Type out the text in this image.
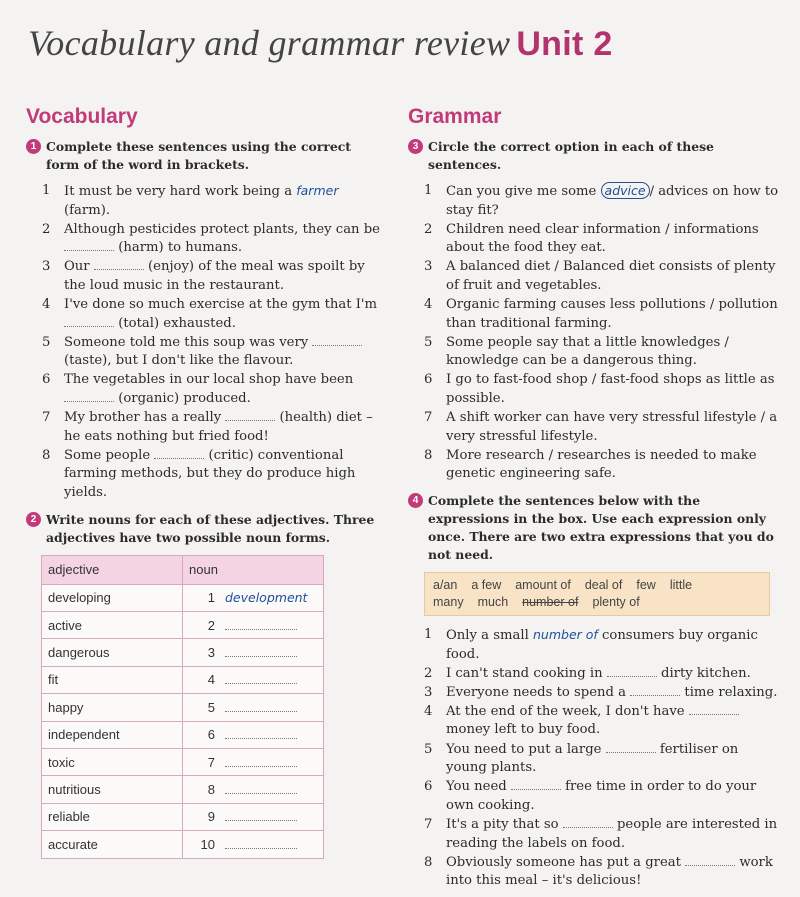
Vocabulary and grammar review Unit 2
Vocabulary
1 Complete these sentences using the correct form of the word in brackets.
1	It must be very hard work being a farmer (farm).
2	Although pesticides protect plants, they can be  (harm) to humans.
3	Our	(enjoy) of the meal was spoilt by the loud music in the restaurant.
4	I've done so much exercise at the gym that I'm  (total) exhausted.
5	Someone told me this soup was very  (taste), but I don't like the flavour.
6	The vegetables in our local shop have been  (organic) produced.
7	My brother has a really	(health) diet – he eats nothing but fried food!
8	Some people	(critic) conventional farming methods, but they do produce high yields.
2 Write nouns for each of these adjectives. Three adjectives have two possible noun forms.
adjective	noun
developing	1 development
active	2
dangerous	3
fit	4
happy	5
independent	6
toxic	7
nutritious	8
reliable	9
accurate	10
Grammar
3 Circle the correct option in each of these sentences.
1	Can you give me some advice / advices on how to stay fit?
2	Children need clear information / informations about the food they eat.
3	A balanced diet / Balanced diet consists of plenty of fruit and vegetables.
4	Organic farming causes less pollutions / pollution than traditional farming.
5	Some people say that a little knowledges / knowledge can be a dangerous thing.
6	I go to fast-food shop / fast-food shops as little as possible.
7	A shift worker can have very stressful lifestyle / a very stressful lifestyle.
8	More research / researches is needed to make genetic engineering safe.
4 Complete the sentences below with the expressions in the box. Use each expression only once. There are two extra expressions that you do not need.
a/an a few amount of deal of few little
many much number of plenty of
1	Only a small number of consumers buy organic food.
2	I can't stand cooking in	dirty kitchen.
3	Everyone needs to spend a	time relaxing.
4	At the end of the week, I don't have  money left to buy food.
5	You need to put a large	fertiliser on young plants.
6	You need	free time in order to do your own cooking.
7	It's a pity that so	people are interested in reading the labels on food.
8	Obviously someone has put a great	work into this meal – it's delicious!
